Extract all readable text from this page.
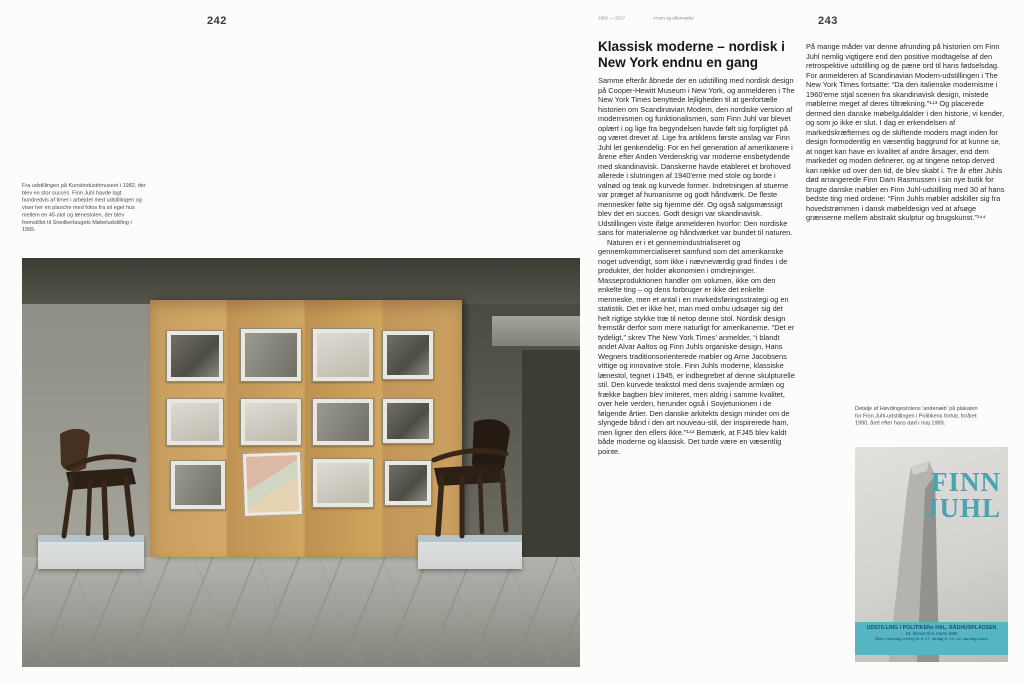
242	1982 — 2017	Arven og eftermælet	243
Fra udstillingen på Kunstindustrimuseet i 1982, der blev en stor succes. Finn Juhl havde lagt hundredvis af timer i arbejdet med udstillingen og viser her en planche med fotos fra sit eget hus mellem en 45-stol og lænestolen, der blev fremstillet til Snedkerlaugets Møbeludstilling i 1955.
Klassisk moderne – nordisk i New York endnu en gang

Samme efterår åbnede der en udstilling med nordisk design på Cooper-Hewitt Museum i New York, og anmelderen i The New York Times benyttede lejligheden til at genfortælle historien om Scandinavian Modern, den nordiske version af modernismen og funktionalismen, som Finn Juhl var blevet oplært i og lige fra begyndelsen havde følt sig forpligtet på og været drevet af. Lige fra artiklens første anslag var Finn Juhl let genkendelig: For en hel generation af amerikanere i årene efter Anden Verdenskrig var moderne ensbetydende med skandinavisk. Danskerne havde etableret et brohoved allerede i slutningen af 1940'erne med stole og borde i valnød og teak og kurvede former. Indretningen af stuerne var præget af humanisme og godt håndværk. De fleste mennesker følte sig hjemme dér. Og også salgsmæssigt blev det en succes. Godt design var skandinavisk. Udstillingen viste ifølge anmelderen hvorfor: Den nordiske sans for materialerne og håndværket var bundet til naturen.

Naturen er i et gennemindustrialiseret og gennemkommercialiseret samfund som det amerikanske noget udvendigt, som ikke i nævneværdig grad findes i de produkter, der holder økonomien i omdrejninger. Masseproduktionen handler om volumen, ikke om den enkelte ting – og dens forbruger er ikke det enkelte menneske, men et antal i en markedsføringsstrategi og en statistik. Det er ikke her, man med omhu udsøger sig det helt rigtige stykke træ til netop denne stol. Nordisk design fremstår derfor som mere naturligt for amerikanerne. “Det er tydeligt,” skrev The New York Times’ anmelder, “i blandt andet Alvar Aaltos og Finn Juhls organiske design, Hans Wegners traditionsorienterede møbler og Arne Jacobsens vittige og innovative stole. Finn Juhls moderne, klassiske lænestol, tegnet i 1945, er indbegrebet af denne skulpturelle stil. Den kurvede teakstol med dens svajende armlæn og frække bagben blev imiteret, men aldrig i samme kvalitet, over hele verden, herunder også i Sovjetunionen i de følgende årtier. Den danske arkitekts design minder om de slyngede bånd i den art nouveau-stil, der inspirerede ham, men ligner den ellers ikke.”¹⁴² Bemærk, at FJ45 blev kaldt både moderne og klassisk. Det turde være en væsentlig pointe.

På mange måder var denne afrunding på historien om Finn Juhl nemlig vigtigere end den positive modtagelse af den retrospektive udstilling og de pæne ord til hans fødselsdag. For anmelderen af Scandinavian Modern-udstillingen i The New York Times fortsatte: “Da den italienske modernisme i 1960'erne stjal scenen fra skandinavisk design, mistede møblerne meget af deres tiltrækning.”¹⁴³ Og placerede dermed den danske møbelguldalder i den historie, vi kender, og som jo ikke er slut. I dag er erkendelsen af markedskræfternes og de skiftende moders magt inden for design formodentlig en væsentlig baggrund for at kunne se, at noget kan have en kvalitet af andre årsager, end dem markedet og moden definerer, og at tingene netop derved kan række ud over den tid, de blev skabt i. Tre år efter Juhls død arrangerede Finn Dam Rasmussen i sin nye butik for brugte danske møbler en Finn Juhl-udstilling med 30 af hans bedste ting med ordene: “Finn Juhls møbler adskiller sig fra hovedstrømmen i dansk møbeldesign ved at afsøge grænserne mellem abstrakt skulptur og brugskunst.”¹⁴⁴

Detalje af Høvdingestolens 'andenæb' på plakaten for Finn Juhl-udstillingen i Politikens forhal, foråret 1990, året efter hans død i maj 1989.
FINN
JUHL
UDSTILLING I POLITIKENs HAL, RÅDHUSPLADSEN
18. februar til 5. marts 1990
Åben: mandag–fredag kl. 9–17, lørdag kl. 10–14, søndag lukket
